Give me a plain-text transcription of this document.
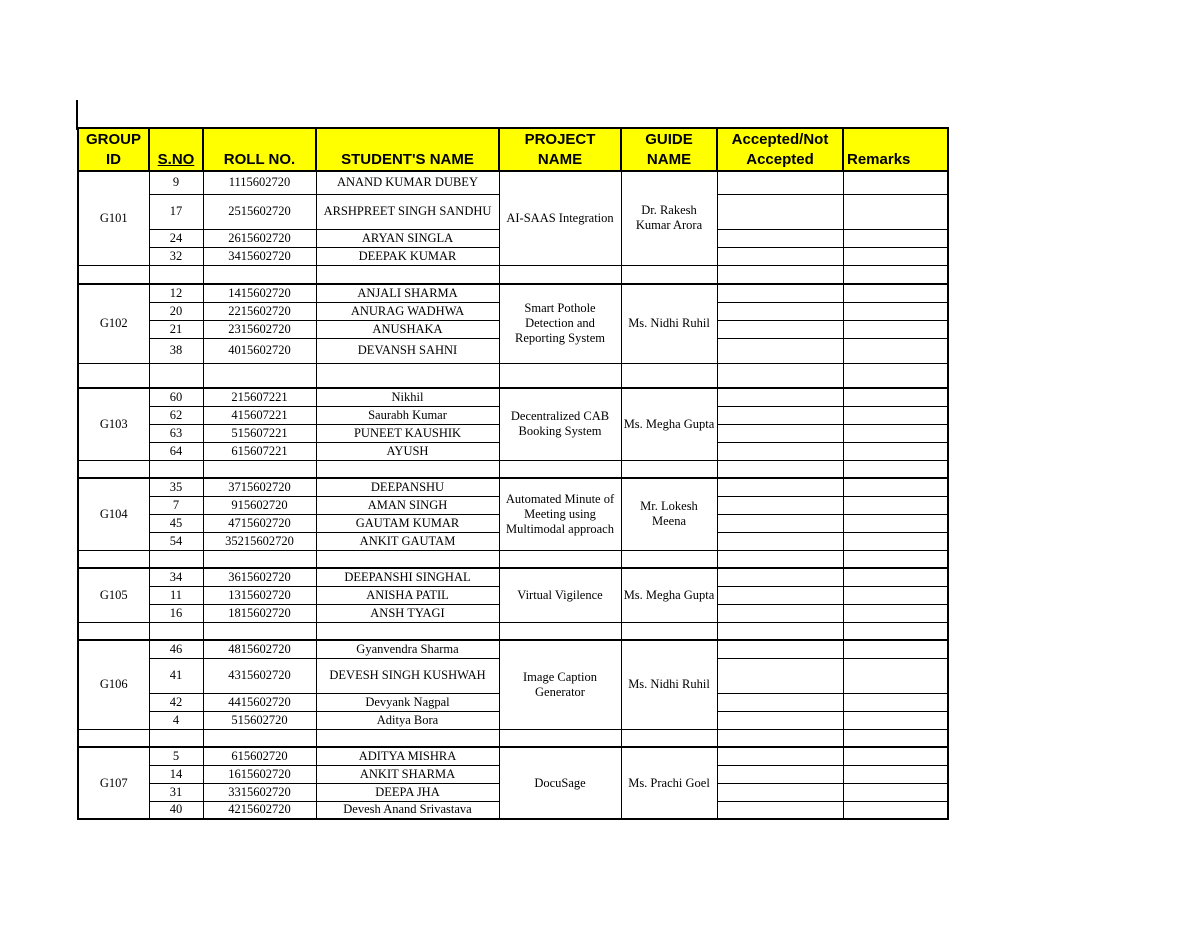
GROUP ID	S.NO	ROLL NO.	STUDENT'S NAME	PROJECT NAME	GUIDE NAME	Accepted/Not Accepted	Remarks
G101	9	1115602720	ANAND KUMAR DUBEY	AI-SAAS Integration	Dr. Rakesh Kumar Arora		
	17	2515602720	ARSHPREET SINGH SANDHU				
	24	2615602720	ARYAN SINGLA				
	32	3415602720	DEEPAK KUMAR				

G102	12	1415602720	ANJALI SHARMA	Smart Pothole Detection and Reporting System	Ms. Nidhi Ruhil		
	20	2215602720	ANURAG WADHWA				
	21	2315602720	ANUSHAKA				
	38	4015602720	DEVANSH SAHNI				

G103	60	215607221	Nikhil	Decentralized CAB Booking System	Ms. Megha Gupta		
	62	415607221	Saurabh Kumar				
	63	515607221	PUNEET KAUSHIK				
	64	615607221	AYUSH				

G104	35	3715602720	DEEPANSHU	Automated Minute of Meeting using Multimodal approach	Mr. Lokesh Meena		
	7	915602720	AMAN SINGH				
	45	4715602720	GAUTAM KUMAR				
	54	35215602720	ANKIT GAUTAM				

G105	34	3615602720	DEEPANSHI SINGHAL	Virtual Vigilence	Ms. Megha Gupta		
	11	1315602720	ANISHA PATIL				
	16	1815602720	ANSH TYAGI				

G106	46	4815602720	Gyanvendra Sharma	Image Caption Generator	Ms. Nidhi Ruhil		
	41	4315602720	DEVESH SINGH KUSHWAH				
	42	4415602720	Devyank Nagpal				
	4	515602720	Aditya Bora				

G107	5	615602720	ADITYA MISHRA	DocuSage	Ms. Prachi Goel		
	14	1615602720	ANKIT SHARMA				
	31	3315602720	DEEPA JHA				
	40	4215602720	Devesh Anand Srivastava				
